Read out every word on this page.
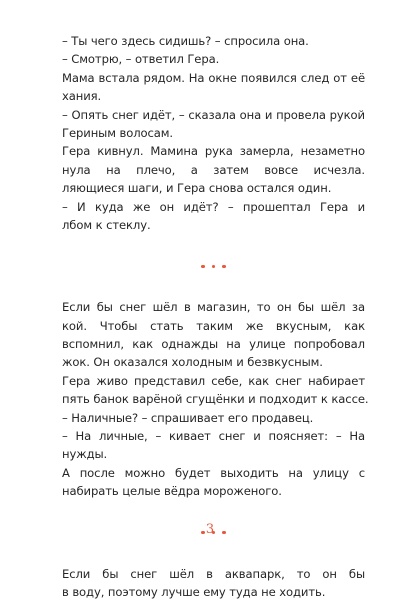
– Ты чего здесь сидишь? – спросила она.
– Смотрю, – ответил Гера.
Мама встала рядом. На окне появился след от её
хания.
– Опять снег идёт, – сказала она и провела рукой
Гериным волосам.
Гера кивнул. Мамина рука замерла, незаметно
нула на плечо, а затем вовсе исчезла.
ляющиеся шаги, и Гера снова остался один.
– И куда же он идёт? – прошептал Гера и
лбом к стеклу.
Если бы снег шёл в магазин, то он бы шёл за
кой. Чтобы стать таким же вкусным, как
вспомнил, как однажды на улице попробовал
жок. Он оказался холодным и безвкусным.
Гера живо представил себе, как снег набирает
пять банок варёной сгущёнки и подходит к кассе.
– Наличные? – спрашивает его продавец.
– На личные, – кивает снег и поясняет: – На
нужды.
А после можно будет выходить на улицу с
набирать целые вёдра мороженого.
Если бы снег шёл в аквапарк, то он бы
в воду, поэтому лучше ему туда не ходить.
3
